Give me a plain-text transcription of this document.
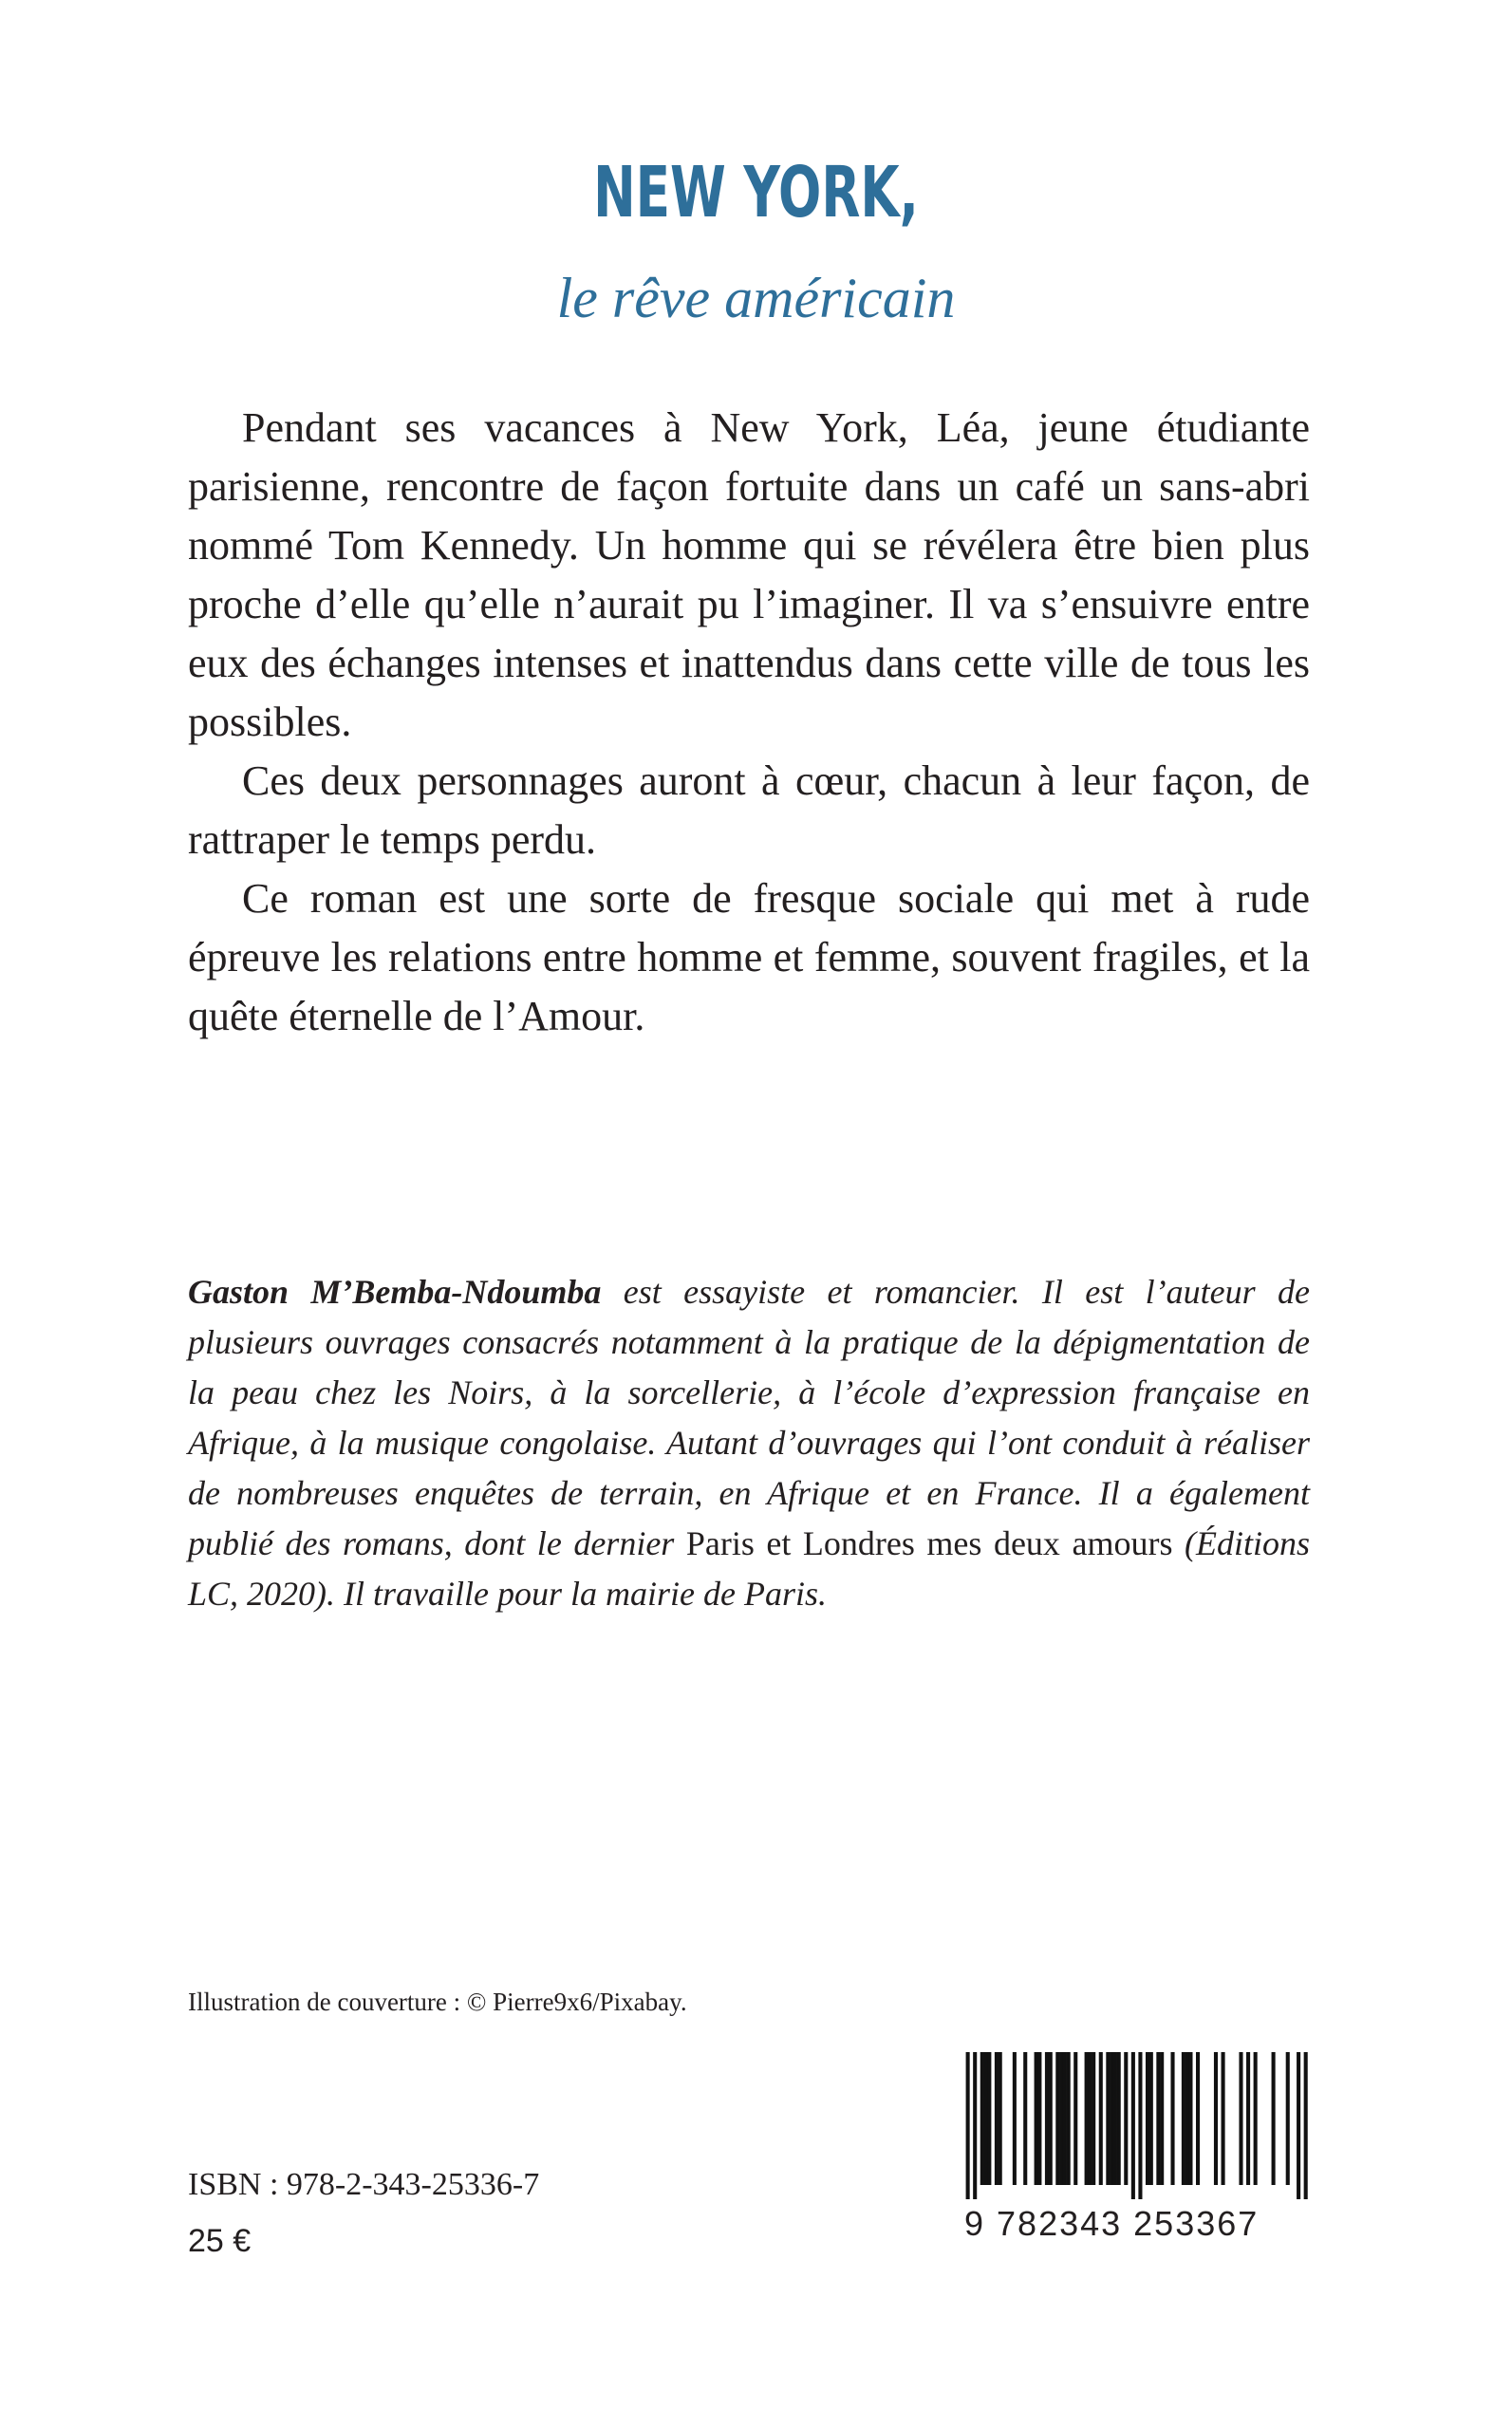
NEW YORK,
le rêve américain

Pendant ses vacances à New York, Léa, jeune étudiante parisienne, rencontre de façon fortuite dans un café un sans-abri nommé Tom Kennedy. Un homme qui se révélera être bien plus proche d’elle qu’elle n’aurait pu l’imaginer. Il va s’ensuivre entre eux des échanges intenses et inattendus dans cette ville de tous les possibles.

Ces deux personnages auront à cœur, chacun à leur façon, de rattraper le temps perdu.

Ce roman est une sorte de fresque sociale qui met à rude épreuve les relations entre homme et femme, souvent fragiles, et la quête éternelle de l’Amour.

Gaston M’Bemba-Ndoumba est essayiste et romancier. Il est l’auteur de plusieurs ouvrages consacrés notamment à la pratique de la dépigmentation de la peau chez les Noirs, à la sorcellerie, à l’école d’expression française en Afrique, à la musique congolaise. Autant d’ouvrages qui l’ont conduit à réaliser de nombreuses enquêtes de terrain, en Afrique et en France. Il a également publié des romans, dont le dernier Paris et Londres mes deux amours (Éditions LC, 2020). Il travaille pour la mairie de Paris.
Illustration de couverture : © Pierre9x6/Pixabay.
ISBN : 978-2-343-25336-7
25 €	9 782343 253367
